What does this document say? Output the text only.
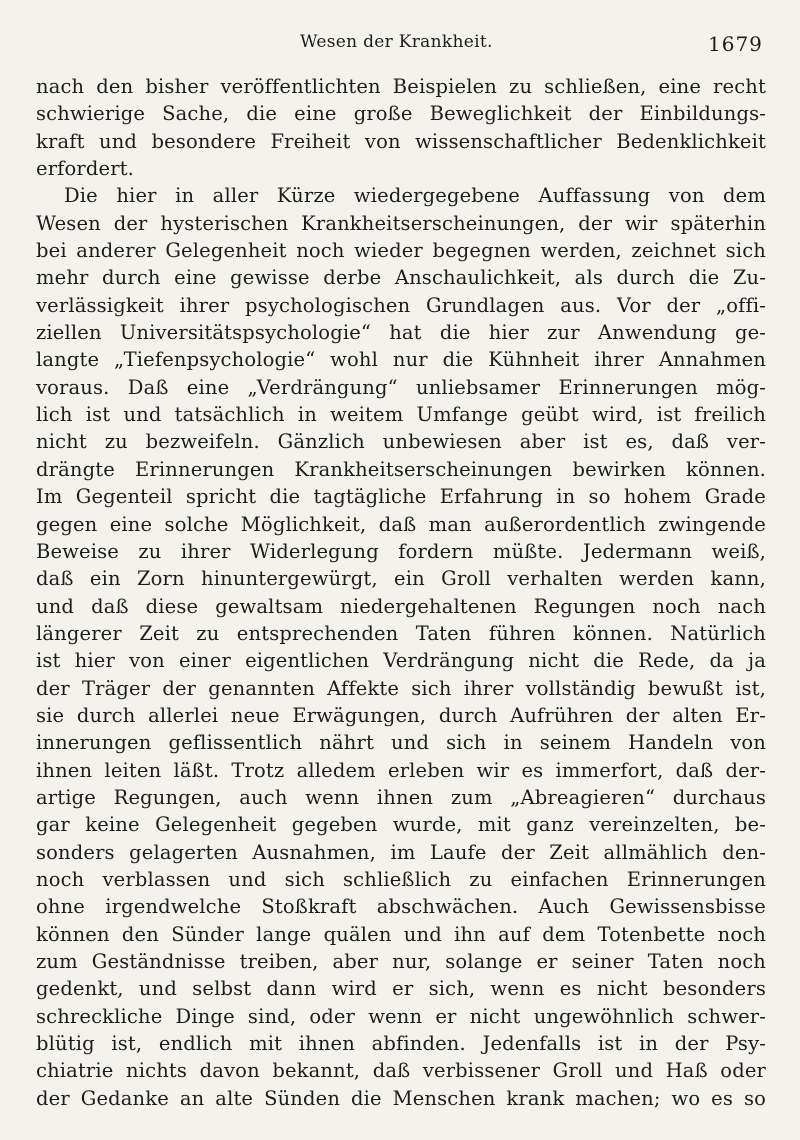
Wesen der Krankheit.	1679
nach den bisher veröffentlichten Beispielen zu schließen, eine recht
schwierige Sache, die eine große Beweglichkeit der Einbildungs-
kraft und besondere Freiheit von wissenschaftlicher Bedenklichkeit
erfordert.
Die hier in aller Kürze wiedergegebene Auffassung von dem
Wesen der hysterischen Krankheitserscheinungen, der wir späterhin
bei anderer Gelegenheit noch wieder begegnen werden, zeichnet sich
mehr durch eine gewisse derbe Anschaulichkeit, als durch die Zu-
verlässigkeit ihrer psychologischen Grundlagen aus. Vor der „offi-
ziellen Universitätspsychologie“ hat die hier zur Anwendung ge-
langte „Tiefenpsychologie“ wohl nur die Kühnheit ihrer Annahmen
voraus. Daß eine „Verdrängung“ unliebsamer Erinnerungen mög-
lich ist und tatsächlich in weitem Umfange geübt wird, ist freilich
nicht zu bezweifeln. Gänzlich unbewiesen aber ist es, daß ver-
drängte Erinnerungen Krankheitserscheinungen bewirken können.
Im Gegenteil spricht die tagtägliche Erfahrung in so hohem Grade
gegen eine solche Möglichkeit, daß man außerordentlich zwingende
Beweise zu ihrer Widerlegung fordern müßte. Jedermann weiß,
daß ein Zorn hinuntergewürgt, ein Groll verhalten werden kann,
und daß diese gewaltsam niedergehaltenen Regungen noch nach
längerer Zeit zu entsprechenden Taten führen können. Natürlich
ist hier von einer eigentlichen Verdrängung nicht die Rede, da ja
der Träger der genannten Affekte sich ihrer vollständig bewußt ist,
sie durch allerlei neue Erwägungen, durch Aufrühren der alten Er-
innerungen geflissentlich nährt und sich in seinem Handeln von
ihnen leiten läßt. Trotz alledem erleben wir es immerfort, daß der-
artige Regungen, auch wenn ihnen zum „Abreagieren“ durchaus
gar keine Gelegenheit gegeben wurde, mit ganz vereinzelten, be-
sonders gelagerten Ausnahmen, im Laufe der Zeit allmählich den-
noch verblassen und sich schließlich zu einfachen Erinnerungen
ohne irgendwelche Stoßkraft abschwächen. Auch Gewissensbisse
können den Sünder lange quälen und ihn auf dem Totenbette noch
zum Geständnisse treiben, aber nur, solange er seiner Taten noch
gedenkt, und selbst dann wird er sich, wenn es nicht besonders
schreckliche Dinge sind, oder wenn er nicht ungewöhnlich schwer-
blütig ist, endlich mit ihnen abfinden. Jedenfalls ist in der Psy-
chiatrie nichts davon bekannt, daß verbissener Groll und Haß oder
der Gedanke an alte Sünden die Menschen krank machen; wo es so
